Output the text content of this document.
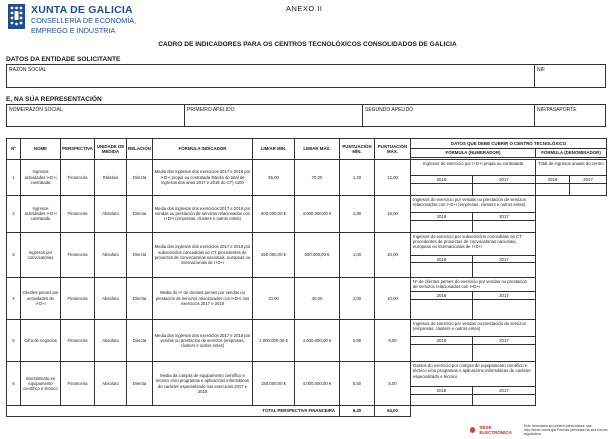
XUNTA DE GALICIA
CONSELLERÍA DE ECONOMÍA,
EMPREGO E INDUSTRIA
ANEXO II
CADRO DE INDICADORES PARA OS CENTROS TECNOLÓXICOS CONSOLIDADOS DE GALICIA
DATOS DA ENTIDADE SOLICITANTE
RAZÓN SOCIAL	NIF
E, NA SÚA REPRESENTACIÓN
NOME/RAZÓN SOCIAL	PRIMEIRO APELIDO	SEGUNDO APELIDO	NIF/PASAPORTE
Nº	NOME	PERSPECTIVA	UNIDADE DE MEDIDA	RELACIÓN	FÓRMULA INDICADOR	LIMIAR MÍN.	LIMIAR MÁX.	PUNTUACIÓN MÍN.	PUNTUACIÓN MÁX.	DATOS QUE DEBE CUBRIR O CENTRO TECNOLÓXICO			
										FÓRMULA (NUMERADOR)		FÓRMULA (DENOMINADOR)	

1	Ingresos actividades I+D+i contratada	Financeira	Relativo	Directa	Media dos ingresos dos exercicios 2017 e 2018 por I+D+i propia ou contratada /Media do total de ingresos dos anos 2017 e 2018 do CT) x100	35,00	70,00	1,20	12,00	Ingresos do exercicio por I+D+i propia ou contratada		Total de ingresos anuais do centro	
										2018	2017	2018	2017

2	Ingresos actividades I+D+i contratada	Financeira	Absoluto	Directa	Media dos ingresos dos exercicios 2017 e 2018 por vendas ou prestación de servizos relacionados con I+D+i (empresas, clusters e outros entes)	500.000,00 €	3.000.000,00 €	1,80	18,00	Ingresos do exercicio por vendas ou prestación de servizos relacionados con I+D+i (empresas, clusters e outros entes)			
										2018	2017		

3	Ingresos por convocatorias	Financeira	Absoluto	Directa	Media dos ingresos dos exercicios 2017 e 2018 por subvencións concedidas ao CT procedentes de proxectos de convocatorias nacionais, europeas ou internacionais de I+D+i	250.000,00 €	600.000,00 €	1,00	10,00	Ingresos do exercicio por subvencións concedidas ao CT procedentes de proxectos de convocatorias nacionais, europeas ou internacionais de I+D+i			
										2018	2017		

4	Clientes pemes por actividades de I+D+i	Financeira	Absoluto	Directa	Media do nº de clientes pemes por vendas ou prestación de servizos relacionados con I+D+i nos exercicios 2017 e 2018	10,00	40,00	1,00	10,00	Nº de clientes pemes do exercicio por vendas ou prestación de servizos relacionados con I+D+i			
										2018	2017		

5	Cifra de negocios	Financeira	Absoluto	Directa	Media dos ingresos dos exercicios 2017 e 2018 por vendas ou prestación de servizos (empresas, clusters e outros entes)	1.000.000,00 €	4.000.000,00 €	0,90	9,00	Ingresos do exercicio por vendas ou prestación de servizos (empresas, clusters e outros entes)			
										2018	2017		

6	Investimento en equipamento científico e técnico	Financeira	Absoluto	Directa	Media da compra de equipamento científico e técnico e/ou programas e aplicacións informáticas de carácter especializado nos exercicios 2017 e 2018	150.000,00 €	4.000.000,00 €	0,50	5,00	Gastos do exercicio por compra de equipamento científico e técnico e/ou programas e aplicacións informáticas de carácter especializado e técnico			
										2018	2017		

TOTAL PERSPECTIVA FINANCEIRA								6,40	64,00				
SEDE ELECTRÓNICA
Este formulario só poderá presentarse nas
http://sede.xunta.gal Formas previstas na súa norma reguladora
